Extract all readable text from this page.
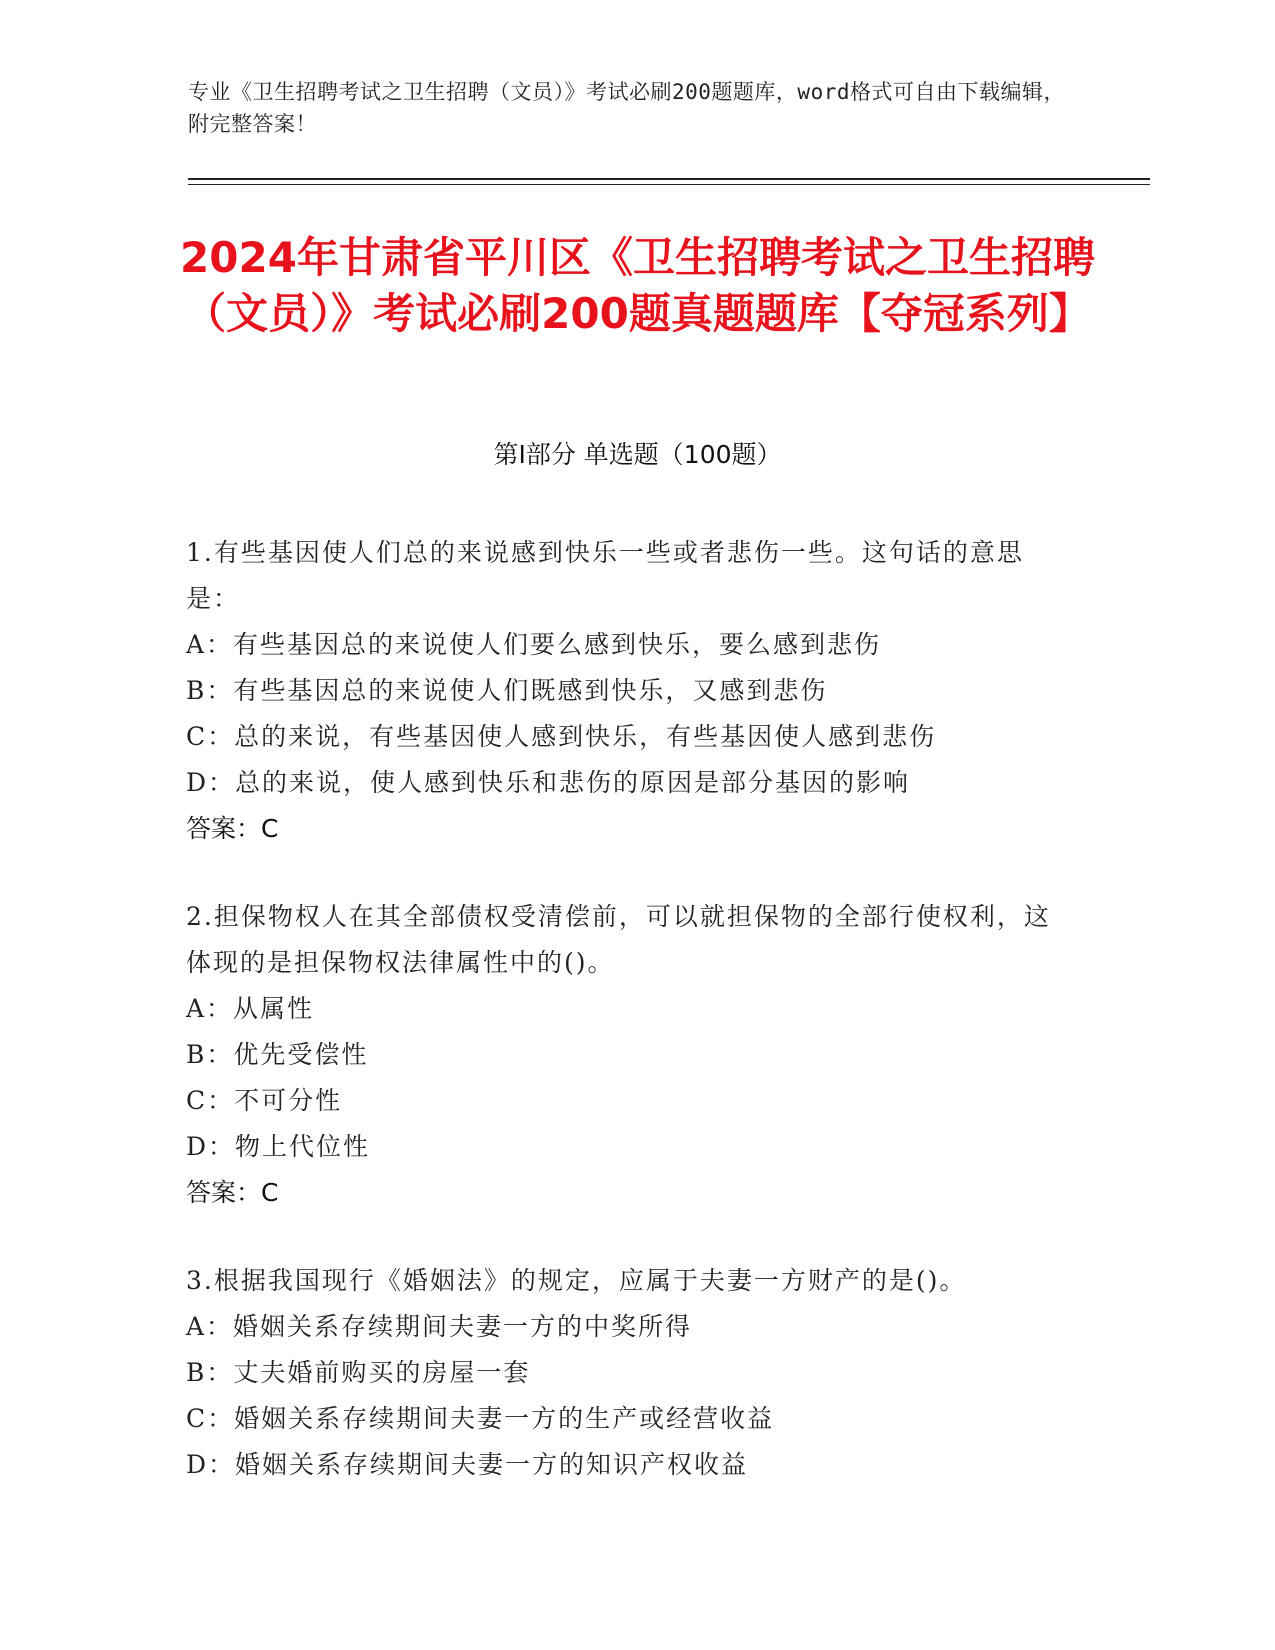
专业《卫生招聘考试之卫生招聘（文员）》考试必刷200题题库，word格式可自由下载编辑，附完整答案！
2024年甘肃省平川区《卫生招聘考试之卫生招聘（文员）》考试必刷200题真题题库【夺冠系列】
第Ⅰ部分 单选题（100题）
1.有些基因使人们总的来说感到快乐一些或者悲伤一些。这句话的意思是：
A：有些基因总的来说使人们要么感到快乐，要么感到悲伤
B：有些基因总的来说使人们既感到快乐，又感到悲伤
C：总的来说，有些基因使人感到快乐，有些基因使人感到悲伤
D：总的来说，使人感到快乐和悲伤的原因是部分基因的影响
答案：C
2.担保物权人在其全部债权受清偿前，可以就担保物的全部行使权利，这体现的是担保物权法律属性中的()。
A：从属性
B：优先受偿性
C：不可分性
D：物上代位性
答案：C
3.根据我国现行《婚姻法》的规定，应属于夫妻一方财产的是()。
A：婚姻关系存续期间夫妻一方的中奖所得
B：丈夫婚前购买的房屋一套
C：婚姻关系存续期间夫妻一方的生产或经营收益
D：婚姻关系存续期间夫妻一方的知识产权收益
